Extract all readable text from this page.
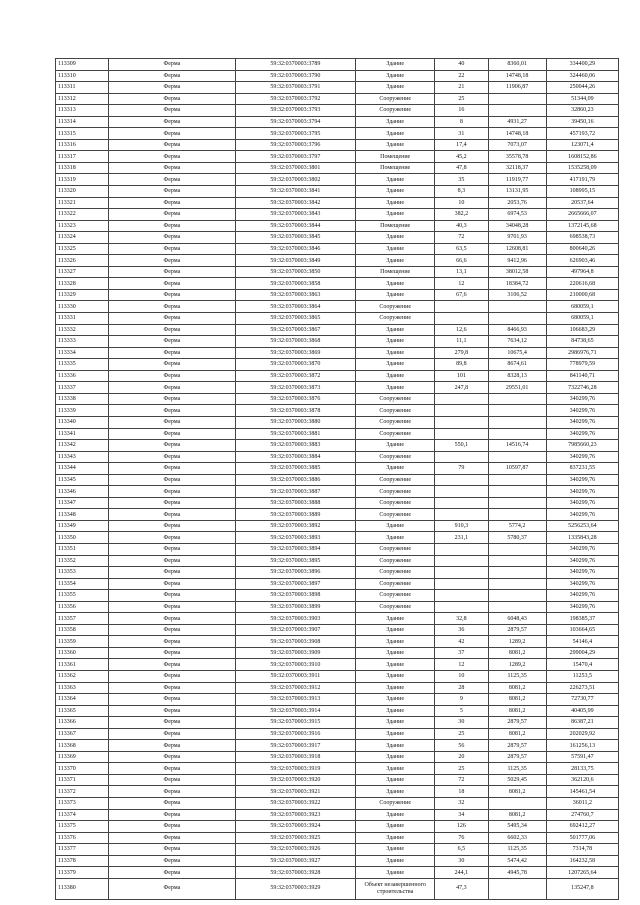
113309	Ферма	59:32:0370003:3789	Здание	40	8360,01	334400,29
113310	Ферма	59:32:0370003:3790	Здание	22	14748,18	324460,06
113311	Ферма	59:32:0370003:3791	Здание	21	11906,87	250044,26
113312	Ферма	59:32:0370003:3792	Сооружение	25		51344,09
113313	Ферма	59:32:0370003:3793	Сооружение	16		32860,23
113314	Ферма	59:32:0370003:3794	Здание	8	4931,27	39450,16
113315	Ферма	59:32:0370003:3795	Здание	31	14748,18	457193,72
113316	Ферма	59:32:0370003:3796	Здание	17,4	7073,07	123071,4
113317	Ферма	59:32:0370003:3797	Помещение	45,2	35578,78	1608152,86
113318	Ферма	59:32:0370003:3801	Помещение	47,8	32118,37	1535258,09
113319	Ферма	59:32:0370003:3802	Здание	35	11919,77	417191,79
113320	Ферма	59:32:0370003:3841	Здание	8,3	13131,95	108995,15
113321	Ферма	59:32:0370003:3842	Здание	10	2053,76	20537,64
113322	Ферма	59:32:0370003:3843	Здание	382,2	6974,53	2665666,07
113323	Ферма	59:32:0370003:3844	Помещение	40,3	34048,28	1372145,68
113324	Ферма	59:32:0370003:3845	Здание	72	9701,93	698538,73
113325	Ферма	59:32:0370003:3846	Здание	63,5	12608,81	800640,26
113326	Ферма	59:32:0370003:3849	Здание	66,6	9412,96	626903,46
113327	Ферма	59:32:0370003:3850	Помещение	13,1	38012,58	497964,8
113328	Ферма	59:32:0370003:3858	Здание	12	18384,72	220616,68
113329	Ферма	59:32:0370003:3863	Здание	67,6	3106,52	210000,68
113330	Ферма	59:32:0370003:3864	Сооружение			680059,1
113331	Ферма	59:32:0370003:3865	Сооружение			680059,1
113332	Ферма	59:32:0370003:3867	Здание	12,6	8466,93	106683,29
113333	Ферма	59:32:0370003:3868	Здание	11,1	7634,12	84738,65
113334	Ферма	59:32:0370003:3869	Здание	279,8	10675,4	2986976,71
113335	Ферма	59:32:0370003:3870	Здание	89,8	8674,61	778979,59
113336	Ферма	59:32:0370003:3872	Здание	101	8328,13	841140,71
113337	Ферма	59:32:0370003:3873	Здание	247,8	29551,01	7322746,28
113338	Ферма	59:32:0370003:3876	Сооружение			340299,76
113339	Ферма	59:32:0370003:3878	Сооружение			340299,76
113340	Ферма	59:32:0370003:3880	Сооружение			340299,76
113341	Ферма	59:32:0370003:3881	Сооружение			340299,76
113342	Ферма	59:32:0370003:3883	Здание	550,1	14516,74	7985660,23
113343	Ферма	59:32:0370003:3884	Сооружение			340299,76
113344	Ферма	59:32:0370003:3885	Здание	79	10597,87	837231,55
113345	Ферма	59:32:0370003:3886	Сооружение			340299,76
113346	Ферма	59:32:0370003:3887	Сооружение			340299,76
113347	Ферма	59:32:0370003:3888	Сооружение			340299,76
113348	Ферма	59:32:0370003:3889	Сооружение			340299,76
113349	Ферма	59:32:0370003:3892	Здание	910,3	5774,2	5256253,64
113350	Ферма	59:32:0370003:3893	Здание	231,1	5780,37	1335843,28
113351	Ферма	59:32:0370003:3894	Сооружение			340299,76
113352	Ферма	59:32:0370003:3895	Сооружение			340299,76
113353	Ферма	59:32:0370003:3896	Сооружение			340299,76
113354	Ферма	59:32:0370003:3897	Сооружение			340299,76
113355	Ферма	59:32:0370003:3898	Сооружение			340299,76
113356	Ферма	59:32:0370003:3899	Сооружение			340299,76
113357	Ферма	59:32:0370003:3903	Здание	32,8	6048,43	198385,37
113358	Ферма	59:32:0370003:3907	Здание	36	2879,57	103664,65
113359	Ферма	59:32:0370003:3908	Здание	42	1289,2	54146,4
113360	Ферма	59:32:0370003:3909	Здание	37	8081,2	299004,29
113361	Ферма	59:32:0370003:3910	Здание	12	1289,2	15470,4
113362	Ферма	59:32:0370003:3911	Здание	10	1125,35	11253,5
113363	Ферма	59:32:0370003:3912	Здание	28	8081,2	226273,51
113364	Ферма	59:32:0370003:3913	Здание	9	8081,2	72730,77
113365	Ферма	59:32:0370003:3914	Здание	5	8081,2	40405,99
113366	Ферма	59:32:0370003:3915	Здание	30	2879,57	86387,21
113367	Ферма	59:32:0370003:3916	Здание	25	8081,2	202029,92
113368	Ферма	59:32:0370003:3917	Здание	56	2879,57	161256,13
113369	Ферма	59:32:0370003:3918	Здание	20	2879,57	57591,47
113370	Ферма	59:32:0370003:3919	Здание	25	1125,35	28133,75
113371	Ферма	59:32:0370003:3920	Здание	72	5029,45	362120,6
113372	Ферма	59:32:0370003:3921	Здание	18	8081,2	145461,54
113373	Ферма	59:32:0370003:3922	Сооружение	32		36011,2
113374	Ферма	59:32:0370003:3923	Здание	34	8081,2	274760,7
113375	Ферма	59:32:0370003:3924	Здание	126	5495,34	692412,27
113376	Ферма	59:32:0370003:3925	Здание	76	6602,33	501777,06
113377	Ферма	59:32:0370003:3926	Здание	6,5	1125,35	7314,78
113378	Ферма	59:32:0370003:3927	Здание	30	5474,42	164232,58
113379	Ферма	59:32:0370003:3928	Здание	244,1	4945,78	1207265,64
113380	Ферма	59:32:0370003:3929	Объект незавершенного строительства	47,3		135247,8
